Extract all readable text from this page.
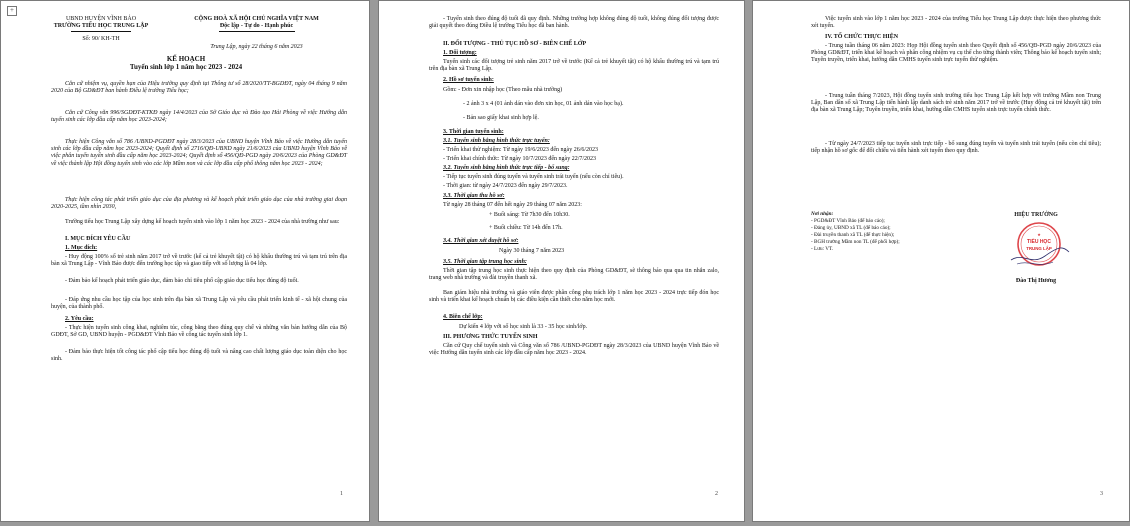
+
UBND HUYỆN VĨNH BẢO
TRƯỜNG TIỂU HỌC TRUNG LẬP
Số: 90/ KH-TH
CỘNG HOÀ XÃ HỘI CHỦ NGHĨA VIỆT NAM
Độc lập - Tự do - Hạnh phúc
Trung Lập, ngày 22 tháng 6 năm 2023
KẾ HOẠCH
Tuyển sinh lớp 1 năm học 2023 - 2024
Căn cứ nhiệm vụ, quyền hạn của Hiệu trưởng quy định tại Thông tư số 28/2020/TT-BGDĐT, ngày 04 tháng 9 năm 2020 của Bộ GD&ĐT ban hành Điều lệ trường Tiểu học;
Căn cứ Công văn 996/SGDĐT-KTKĐ ngày 14/4/2023 của Sở Giáo dục và Đào tạo Hải Phòng về việc Hướng dẫn tuyển sinh các lớp đầu cấp năm học 2023-2024;
Thực hiện Công văn số 786 /UBND-PGDĐT ngày 28/3/2023 của UBND huyện Vĩnh Bảo về việc Hướng dẫn tuyển sinh các lớp đầu cấp năm học 2023-2024; Quyết định số 2716/QĐ-UBND ngày 21/6/2023 của UBND huyện Vĩnh Bảo về việc phân tuyến tuyển sinh đầu cấp năm học 2023-2024; Quyết định số 456/QĐ-PGD ngày 20/6/2023 của Phòng GD&ĐT về việc thành lập Hội đồng tuyển sinh vào các lớp Mầm non và các lớp đầu cấp phổ thông năm học 2023 - 2024;
Thực hiện công tác phát triển giáo dục của địa phương và kế hoạch phát triển giáo dục của nhà trường giai đoạn 2020-2025, tầm nhìn 2030,
Trường tiểu học Trung Lập xây dựng kế hoạch tuyển sinh vào lớp 1 năm học 2023 - 2024 của nhà trường như sau:
I. MỤC ĐÍCH YÊU CẦU
1. Mục đích:
- Huy động 100% số trẻ sinh năm 2017 trở về trước (kể cả trẻ khuyết tật) có hộ khẩu thường trú và tạm trú trên địa bàn xã Trung Lập - Vĩnh Bảo được đến trường học tập và giao tiếp với số lượng là 04 lớp.
- Đảm bảo kế hoạch phát triển giáo dục, đảm bảo chỉ tiêu phổ cập giáo dục tiểu học đúng độ tuổi.
- Đáp ứng nhu cầu học tập của học sinh trên địa bàn xã Trung Lập và yêu cầu phát triển kinh tế - xã hội chung của huyện, của thành phố.
2. Yêu cầu:
- Thực hiện tuyển sinh công khai, nghiêm túc, công bằng theo đúng quy chế và những văn bản hướng dẫn của Bộ GDĐT, Sở GD, UBND huyện - PGD&ĐT Vĩnh Bảo về công tác tuyển sinh lớp 1.
- Đảm bảo thực hiện tốt công tác phổ cập tiểu học đúng độ tuổi và nâng cao chất lượng giáo dục toàn diện cho học sinh.
1
- Tuyển sinh theo đúng độ tuổi đã quy định. Những trường hợp không đúng độ tuổi, không đúng đối tượng được giải quyết theo đúng Điều lệ trường Tiểu học đã ban hành.
II. ĐỐI TƯỢNG - THỦ TỤC HỒ SƠ - BIÊN CHẾ LỚP
1. Đối tượng:
Tuyển sinh các đối tượng trẻ sinh năm 2017 trở về trước (Kể cả trẻ khuyết tật) có hộ khẩu thường trú và tạm trú trên địa bàn xã Trung Lập.
2. Hồ sơ tuyển sinh:
Gồm: - Đơn xin nhập học (Theo mẫu nhà trường)
- 2 ảnh 3 x 4 (01 ảnh dán vào đơn xin học, 01 ảnh dán vào học bạ).
- Bản sao giấy khai sinh hợp lệ.
3. Thời gian tuyển sinh:
3.1. Tuyển sinh bằng hình thức trực tuyến:
- Triển khai thử nghiệm: Từ ngày 19/6/2023 đến ngày 26/6/2023
- Triển khai chính thức: Từ ngày 10/7/2023 đến ngày 22/7/2023
3.2. Tuyển sinh bằng hình thức trực tiếp - bổ sung:
- Tiếp tục tuyển sinh đúng tuyến và tuyển sinh trái tuyến (nếu còn chỉ tiêu).
- Thời gian: từ ngày 24/7/2023 đến ngày 29/7/2023.
3.3. Thời gian thu hồ sơ:
Từ ngày 28 tháng 07 đến hết ngày 29 tháng 07 năm 2023:
+ Buổi sáng: Từ 7h30 đến 10h30.
+ Buổi chiều: Từ 14h đến 17h.
3.4. Thời gian xét duyệt hồ sơ:
Ngày 30 tháng 7 năm 2023
3.5. Thời gian tập trung học sinh:
Thời gian tập trung học sinh thực hiện theo quy định của Phòng GD&ĐT, sẽ thông báo qua qua tin nhắn zalo, trang web nhà trường và đài truyền thanh xã.
Ban giám hiệu nhà trường và giáo viên được phân công phụ trách lớp 1 năm học 2023 - 2024 trực tiếp đón học sinh và triển khai kế hoạch chuẩn bị các điều kiện cần thiết cho năm học mới.
4. Biên chế lớp:
Dự kiến 4 lớp với số học sinh là 33 - 35 học sinh/lớp.
III. PHƯƠNG THỨC TUYỂN SINH
Căn cứ Quy chế tuyển sinh và Công văn số 786 /UBND-PGDĐT ngày 28/3/2023 của UBND huyện Vĩnh Bảo về việc Hướng dẫn tuyển sinh các lớp đầu cấp năm học 2023 - 2024.
2
Việc tuyển sinh vào lớp 1 năm học 2023 - 2024 của trường Tiểu học Trung Lập được thực hiện theo phương thức xét tuyển.
IV. TỔ CHỨC THỰC HIỆN
- Trung tuần tháng 06 năm 2023: Họp Hội đồng tuyển sinh theo Quyết định số 456/QĐ-PGD ngày 20/6/2023 của Phòng GD&ĐT, triển khai kế hoạch và phân công nhiệm vụ cụ thể cho từng thành viên; Thông báo kế hoạch tuyển sinh; Tuyên truyền, triển khai, hướng dẫn CMHS tuyển sinh trực tuyến thử nghiệm.
- Trung tuần tháng 7/2023, Hội đồng tuyển sinh trường tiểu học Trung Lập kết hợp với trường Mầm non Trung Lập, Ban dân số xã Trung Lập tiến hành lập danh sách trẻ sinh năm 2017 trở về trước (Huy động cả trẻ khuyết tật) trên địa bàn xã Trung Lập; Tuyên truyền, triển khai, hướng dẫn CMHS tuyển sinh trực tuyến chính thức.
- Từ ngày 24/7/2023 tiếp tục tuyển sinh trực tiếp - bổ sung đúng tuyến và tuyển sinh trái tuyến (nếu còn chỉ tiêu); tiếp nhận hồ sơ gốc để đối chiếu và tiến hành xét tuyển theo quy định.
Nơi nhận:
- PGD&ĐT Vĩnh Bảo (để báo cáo);
- Đảng ủy, UBND xã TL (để báo cáo);
- Đài truyền thanh xã TL (để thực hiện);
- BGH trường Mầm non TL (để phối hợp);
- Lưu: VT.
HIỆU TRƯỞNG
★
TIỂU HỌC
TRUNG LẬP
Đào Thị Hương
3
